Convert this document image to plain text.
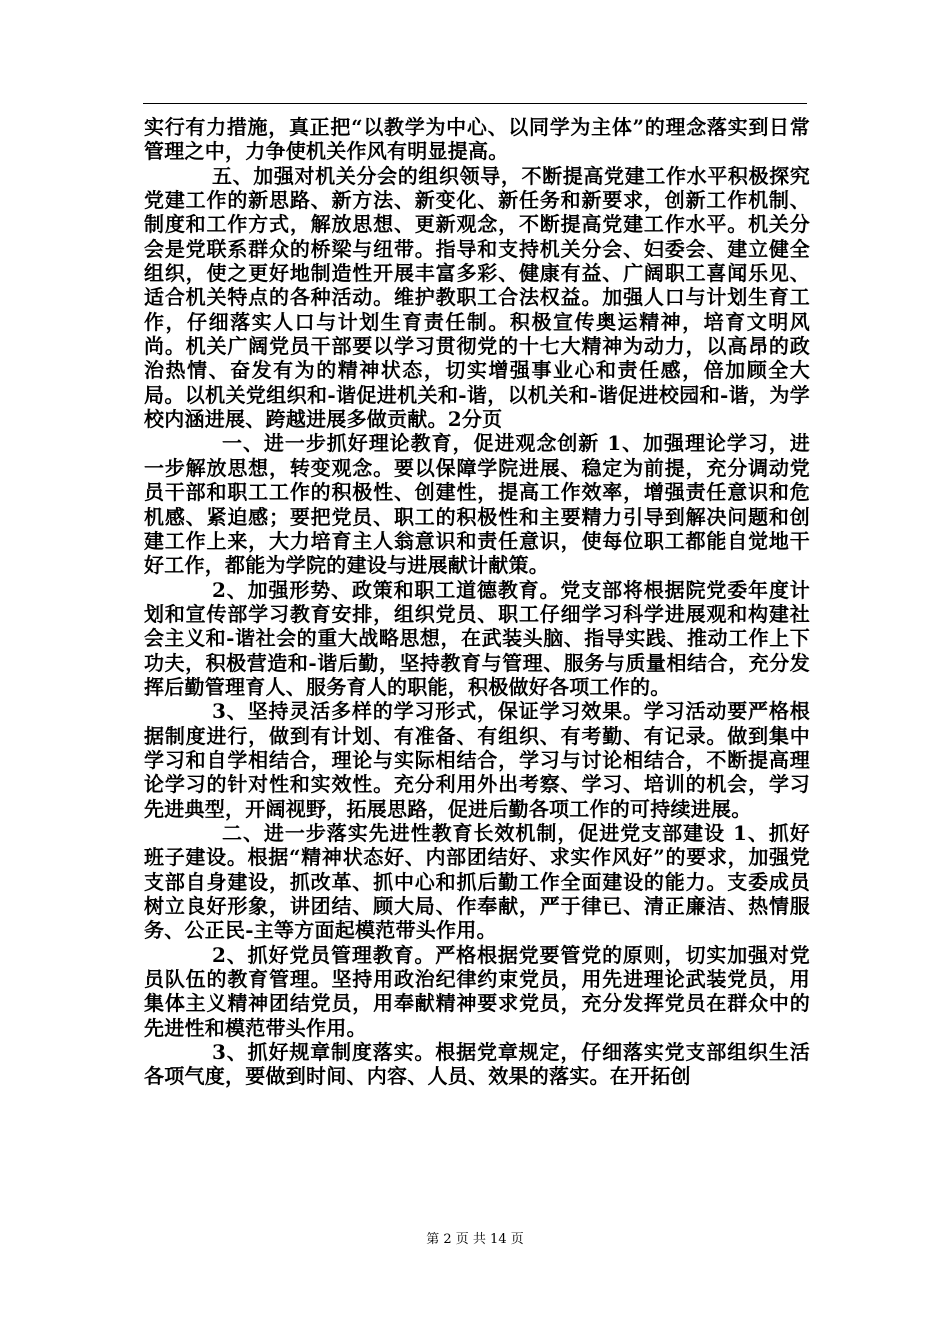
实行有力措施，真正把“以教学为中心、以同学为主体”的理念落实到日常管理之中，力争使机关作风有明显提高。

五、加强对机关分会的组织领导，不断提高党建工作水平积极探究党建工作的新思路、新方法、新变化、新任务和新要求，创新工作机制、制度和工作方式，解放思想、更新观念，不断提高党建工作水平。机关分会是党联系群众的桥梁与纽带。指导和支持机关分会、妇委会、建立健全组织，使之更好地制造性开展丰富多彩、健康有益、广阔职工喜闻乐见、适合机关特点的各种活动。维护教职工合法权益。加强人口与计划生育工作，仔细落实人口与计划生育责任制。积极宣传奥运精神，培育文明风尚。机关广阔党员干部要以学习贯彻党的十七大精神为动力，以高昂的政治热情、奋发有为的精神状态，切实增强事业心和责任感，倍加顾全大局。以机关党组织和-谐促进机关和-谐，以机关和-谐促进校园和-谐，为学校内涵进展、跨越进展多做贡献。2分页

一、进一步抓好理论教育，促进观念创新 1、加强理论学习，进一步解放思想，转变观念。要以保障学院进展、稳定为前提，充分调动党员干部和职工工作的积极性、创建性，提高工作效率，增强责任意识和危机感、紧迫感；要把党员、职工的积极性和主要精力引导到解决问题和创建工作上来，大力培育主人翁意识和责任意识，使每位职工都能自觉地干好工作，都能为学院的建设与进展献计献策。

2、加强形势、政策和职工道德教育。党支部将根据院党委年度计划和宣传部学习教育安排，组织党员、职工仔细学习科学进展观和构建社会主义和-谐社会的重大战略思想，在武装头脑、指导实践、推动工作上下功夫，积极营造和-谐后勤，坚持教育与管理、服务与质量相结合，充分发挥后勤管理育人、服务育人的职能，积极做好各项工作的。

3、坚持灵活多样的学习形式，保证学习效果。学习活动要严格根据制度进行，做到有计划、有准备、有组织、有考勤、有记录。做到集中学习和自学相结合，理论与实际相结合，学习与讨论相结合，不断提高理论学习的针对性和实效性。充分利用外出考察、学习、培训的机会，学习先进典型，开阔视野，拓展思路，促进后勤各项工作的可持续进展。

二、进一步落实先进性教育长效机制，促进党支部建设 1、抓好班子建设。根据“精神状态好、内部团结好、求实作风好”的要求，加强党支部自身建设，抓改革、抓中心和抓后勤工作全面建设的能力。支委成员树立良好形象，讲团结、顾大局、作奉献，严于律已、清正廉洁、热情服务、公正民-主等方面起模范带头作用。

2、抓好党员管理教育。严格根据党要管党的原则，切实加强对党员队伍的教育管理。坚持用政治纪律约束党员，用先进理论武装党员，用集体主义精神团结党员，用奉献精神要求党员，充分发挥党员在群众中的先进性和模范带头作用。

3、抓好规章制度落实。根据党章规定，仔细落实党支部组织生活各项气度，要做到时间、内容、人员、效果的落实。在开拓创

第 2 页 共 14 页
